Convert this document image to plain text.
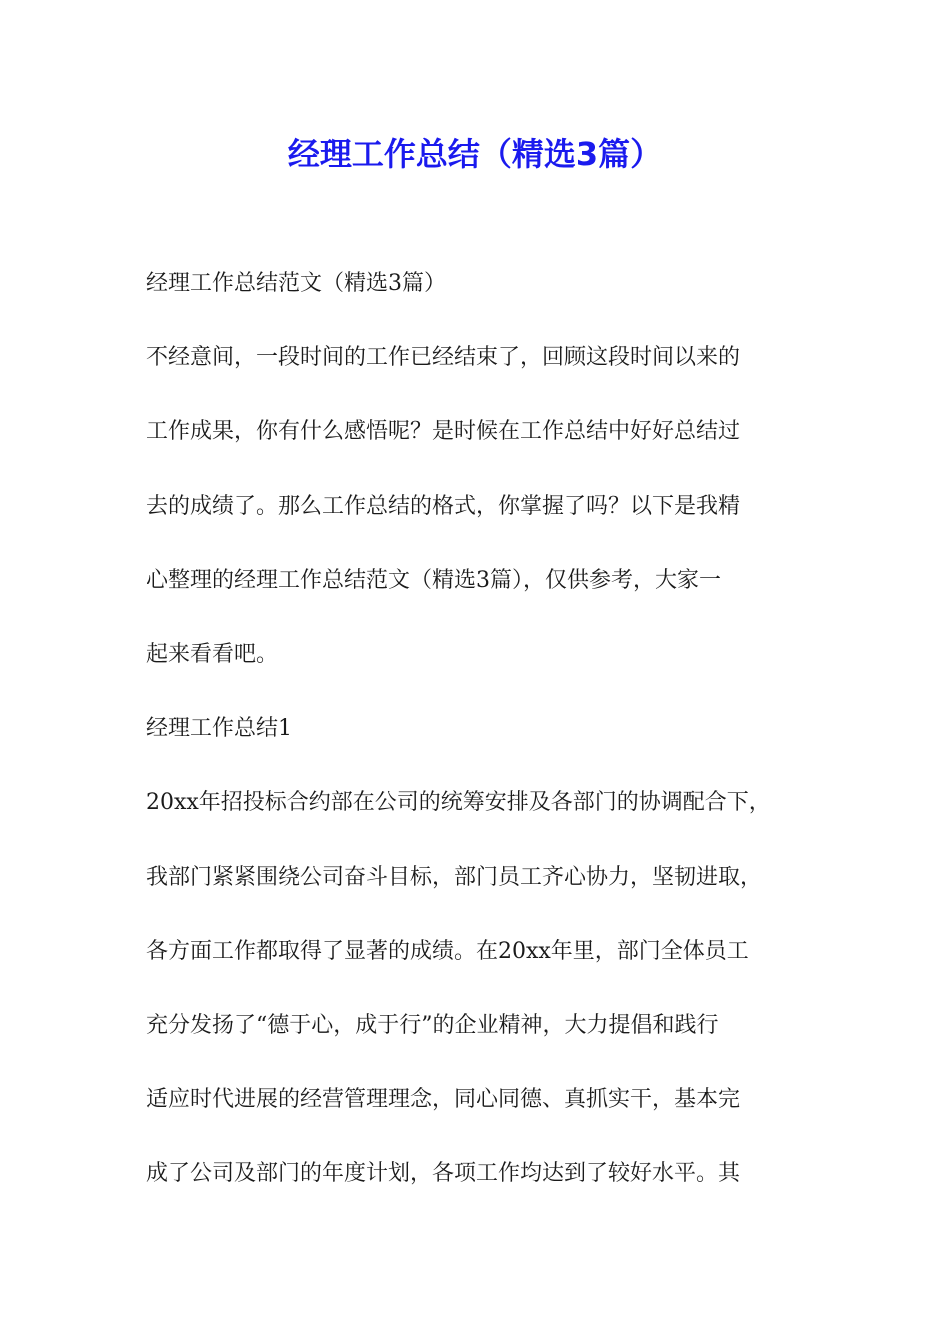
经理工作总结（精选3篇）

经理工作总结范文（精选3篇）

不经意间，一段时间的工作已经结束了，回顾这段时间以来的

工作成果，你有什么感悟呢？是时候在工作总结中好好总结过

去的成绩了。那么工作总结的格式，你掌握了吗？以下是我精

心整理的经理工作总结范文（精选3篇），仅供参考，大家一

起来看看吧。

经理工作总结1

20xx年招投标合约部在公司的统筹安排及各部门的协调配合下，

我部门紧紧围绕公司奋斗目标，部门员工齐心协力，坚韧进取，

各方面工作都取得了显著的成绩。在20xx年里，部门全体员工

充分发扬了“德于心，成于行”的企业精神，大力提倡和践行

适应时代进展的经营管理理念，同心同德、真抓实干，基本完

成了公司及部门的年度计划，各项工作均达到了较好水平。其
